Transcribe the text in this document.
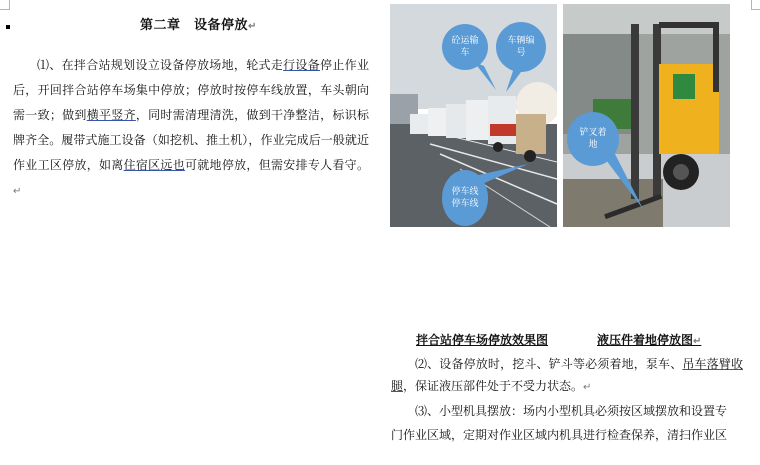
第二章　设备停放↵
⑴、在拌合站规划设立设备停放场地，轮式走行设备停止作业后，开回拌合站停车场集中停放；停放时按停车线放置，车头朝向需一致；做到横平竖齐，同时需清理清洗，做到干净整洁，标识标牌齐全。履带式施工设备（如挖机、推土机），作业完成后一般就近作业工区停放，如离住宿区远也可就地停放，但需安排专人看守。↵
砼运输车
车辆编号
停车线停车线
铲叉着地
拌合站停车场停放效果图	液压件着地停放图↵
⑵、设备停放时，挖斗、铲斗等必须着地，泵车、吊车落臂收腿，保证液压部件处于不受力状态。↵
⑶、小型机具摆放：场内小型机具必须按区域摆放和设置专
门作业区域，定期对作业区域内机具进行检查保养，清扫作业区
